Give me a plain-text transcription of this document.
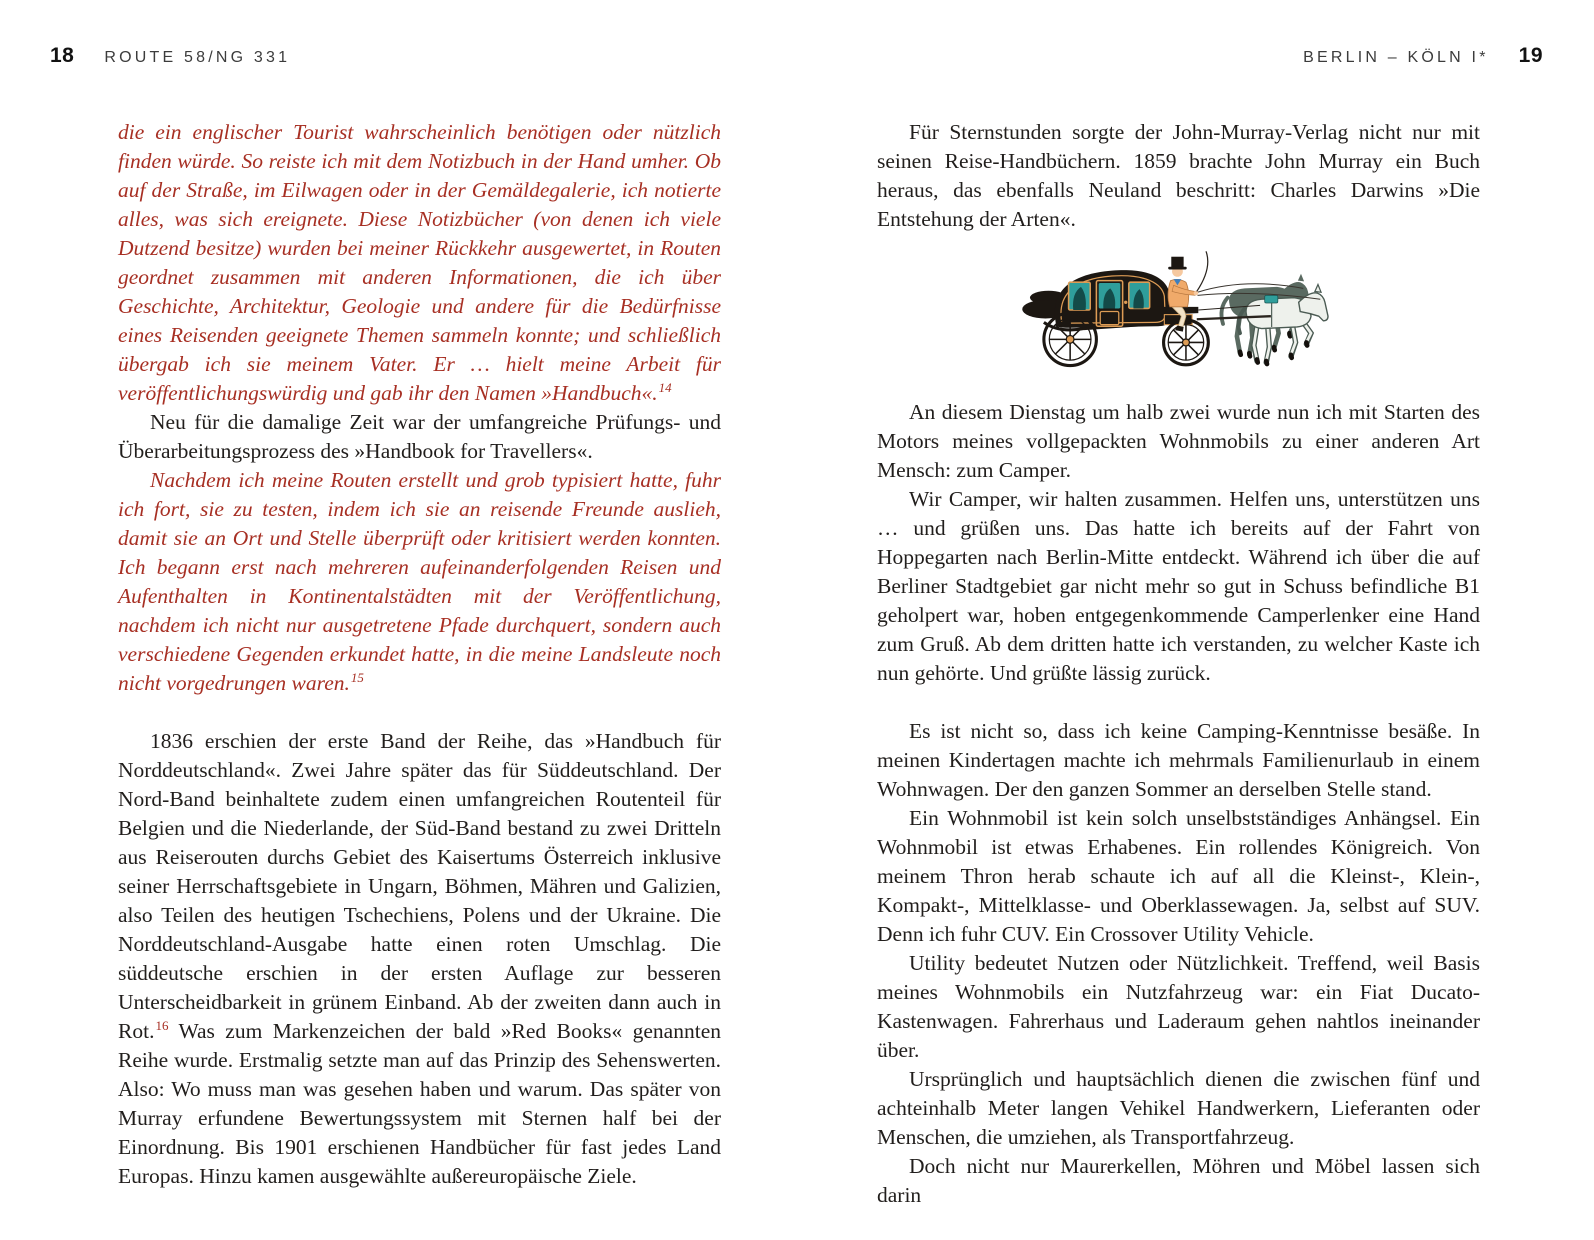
18 ROUTE 58/NG 331	BERLIN – KÖLN I* 19

die ein englischer Tourist wahrscheinlich benötigen oder nützlich finden würde. So reiste ich mit dem Notizbuch in der Hand umher. Ob auf der Straße, im Eilwagen oder in der Gemäldegalerie, ich notierte alles, was sich ereignete. Diese Notizbücher (von denen ich viele Dutzend besitze) wurden bei meiner Rückkehr ausgewertet, in Routen geordnet zusammen mit anderen Informationen, die ich über Geschichte, Architektur, Geologie und andere für die Bedürfnisse eines Reisenden geeignete Themen sammeln konnte; und schließlich übergab ich sie meinem Vater. Er … hielt meine Arbeit für veröffentlichungswürdig und gab ihr den Namen »Handbuch«.$^{14}$

Neu für die damalige Zeit war der umfangreiche Prüfungs- und Überarbeitungsprozess des »Handbook for Travellers«.

Nachdem ich meine Routen erstellt und grob typisiert hatte, fuhr ich fort, sie zu testen, indem ich sie an reisende Freunde auslieh, damit sie an Ort und Stelle überprüft oder kritisiert werden konnten. Ich begann erst nach mehreren aufeinanderfolgenden Reisen und Aufenthalten in Kontinentalstädten mit der Veröffentlichung, nachdem ich nicht nur ausgetretene Pfade durchquert, sondern auch verschiedene Gegenden erkundet hatte, in die meine Landsleute noch nicht vorgedrungen waren.$^{15}$

1836 erschien der erste Band der Reihe, das »Handbuch für Norddeutschland«. Zwei Jahre später das für Süddeutschland. Der Nord-Band beinhaltete zudem einen umfangreichen Routenteil für Belgien und die Niederlande, der Süd-Band bestand zu zwei Dritteln aus Reiserouten durchs Gebiet des Kaisertums Österreich inklusive seiner Herrschaftsgebiete in Ungarn, Böhmen, Mähren und Galizien, also Teilen des heutigen Tschechiens, Polens und der Ukraine. Die Norddeutschland-Ausgabe hatte einen roten Umschlag. Die süddeutsche erschien in der ersten Auflage zur besseren Unterscheidbarkeit in grünem Einband. Ab der zweiten dann auch in Rot.$^{16}$ Was zum Markenzeichen der bald »Red Books« genannten Reihe wurde. Erstmalig setzte man auf das Prinzip des Sehenswerten. Also: Wo muss man was gesehen haben und warum. Das später von Murray erfundene Bewertungssystem mit Sternen half bei der Einordnung. Bis 1901 erschienen Handbücher für fast jedes Land Europas. Hinzu kamen ausgewählte außereuropäische Ziele.

Für Sternstunden sorgte der John-Murray-Verlag nicht nur mit seinen Reise-Handbüchern. 1859 brachte John Murray ein Buch heraus, das ebenfalls Neuland beschritt: Charles Darwins »Die Entstehung der Arten«.

An diesem Dienstag um halb zwei wurde nun ich mit Starten des Motors meines vollgepackten Wohnmobils zu einer anderen Art Mensch: zum Camper.

Wir Camper, wir halten zusammen. Helfen uns, unterstützen uns … und grüßen uns. Das hatte ich bereits auf der Fahrt von Hoppegarten nach Berlin-Mitte entdeckt. Während ich über die auf Berliner Stadtgebiet gar nicht mehr so gut in Schuss befindliche B1 geholpert war, hoben entgegenkommende Camperlenker eine Hand zum Gruß. Ab dem dritten hatte ich verstanden, zu welcher Kaste ich nun gehörte. Und grüßte lässig zurück.

Es ist nicht so, dass ich keine Camping-Kenntnisse besäße. In meinen Kindertagen machte ich mehrmals Familienurlaub in einem Wohnwagen. Der den ganzen Sommer an derselben Stelle stand.

Ein Wohnmobil ist kein solch unselbstständiges Anhängsel. Ein Wohnmobil ist etwas Erhabenes. Ein rollendes Königreich. Von meinem Thron herab schaute ich auf all die Kleinst-, Klein-, Kompakt-, Mittelklasse- und Oberklassewagen. Ja, selbst auf SUV. Denn ich fuhr CUV. Ein Crossover Utility Vehicle.

Utility bedeutet Nutzen oder Nützlichkeit. Treffend, weil Basis meines Wohnmobils ein Nutzfahrzeug war: ein Fiat Ducato-Kastenwagen. Fahrerhaus und Laderaum gehen nahtlos ineinander über.

Ursprünglich und hauptsächlich dienen die zwischen fünf und achteinhalb Meter langen Vehikel Handwerkern, Lieferanten oder Menschen, die umziehen, als Transportfahrzeug.

Doch nicht nur Maurerkellen, Möhren und Möbel lassen sich darin
